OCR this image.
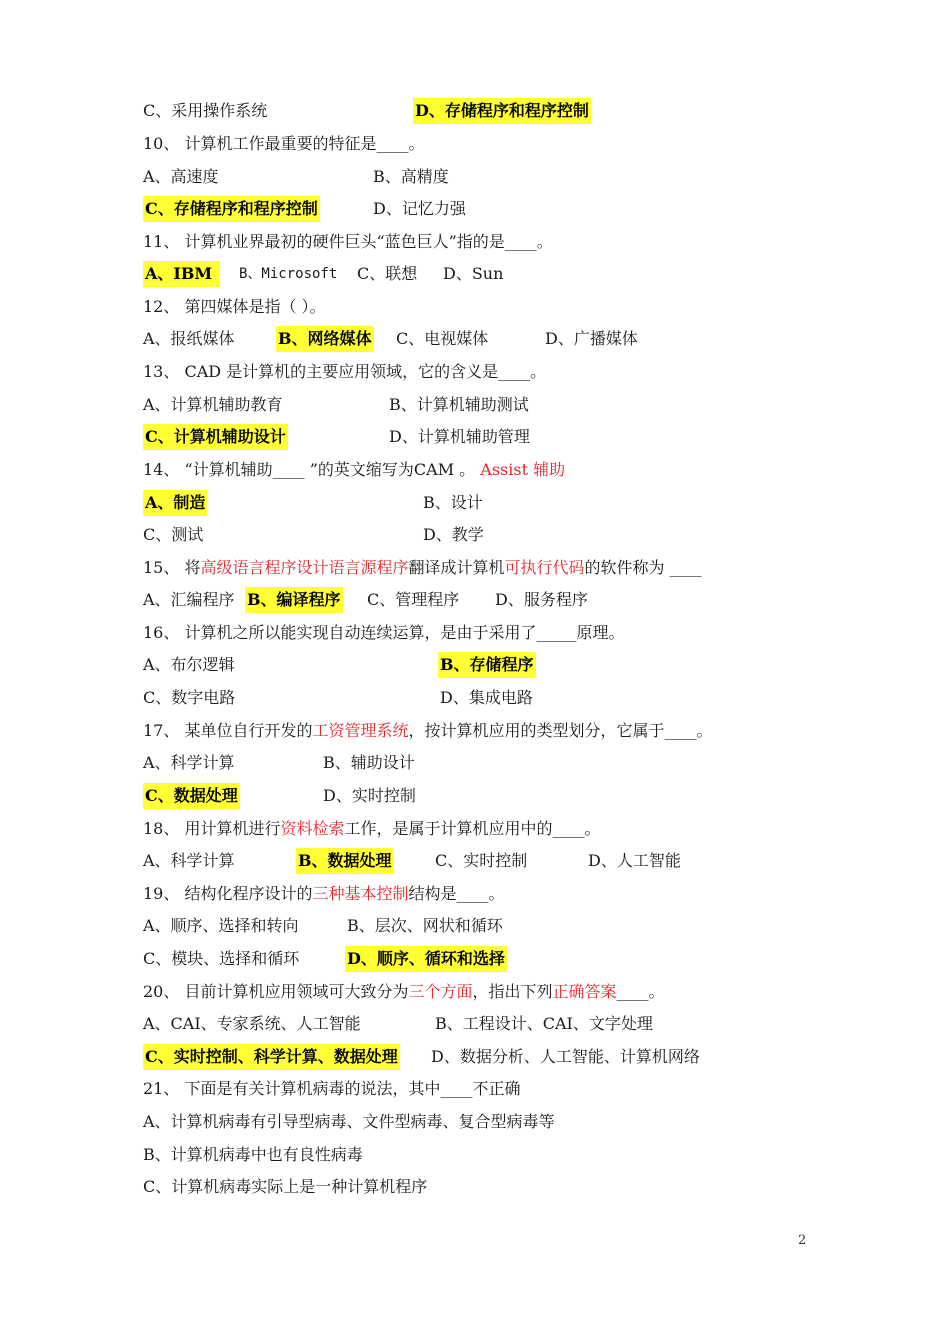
C、采用操作系统	D、存储程序和程序控制
10、 计算机工作最重要的特征是____。
A、高速度	B、高精度
C、存储程序和程序控制	D、记忆力强
11、 计算机业界最初的硬件巨头“蓝色巨人”指的是____。
A、IBM	B、Microsoft C、联想 D、Sun
12、 第四媒体是指（ ）。
A、报纸媒体	B、网络媒体 C、电视媒体	D、广播媒体
13、 CAD 是计算机的主要应用领域，它的含义是____。
A、计算机辅助教育	B、计算机辅助测试
C、计算机辅助设计	D、计算机辅助管理
14、 “计算机辅助____ ”的英文缩写为CAM 。 Assist 辅助
A、制造	B、设计
C、测试	D、教学
15、 将高级语言程序设计语言源程序翻译成计算机可执行代码的软件称为 ____
A、汇编程序 B、编译程序 C、管理程序 D、服务程序
16、 计算机之所以能实现自动连续运算，是由于采用了_____原理。
A、布尔逻辑	B、存储程序
C、数字电路	D、集成电路
17、 某单位自行开发的工资管理系统，按计算机应用的类型划分，它属于____。
A、科学计算	B、辅助设计
C、数据处理	D、实时控制
18、 用计算机进行资料检索工作，是属于计算机应用中的____。
A、科学计算	B、数据处理	C、实时控制	D、人工智能
19、 结构化程序设计的三种基本控制结构是____。
A、顺序、选择和转向	B、层次、网状和循环
C、模块、选择和循环	D、顺序、循环和选择
20、 目前计算机应用领域可大致分为三个方面，指出下列正确答案____。
A、CAI、专家系统、人工智能	B、工程设计、CAI、文字处理
C、实时控制、科学计算、数据处理 D、数据分析、人工智能、计算机网络
21、 下面是有关计算机病毒的说法，其中____不正确
A、计算机病毒有引导型病毒、文件型病毒、复合型病毒等
B、计算机病毒中也有良性病毒
C、计算机病毒实际上是一种计算机程序
2
